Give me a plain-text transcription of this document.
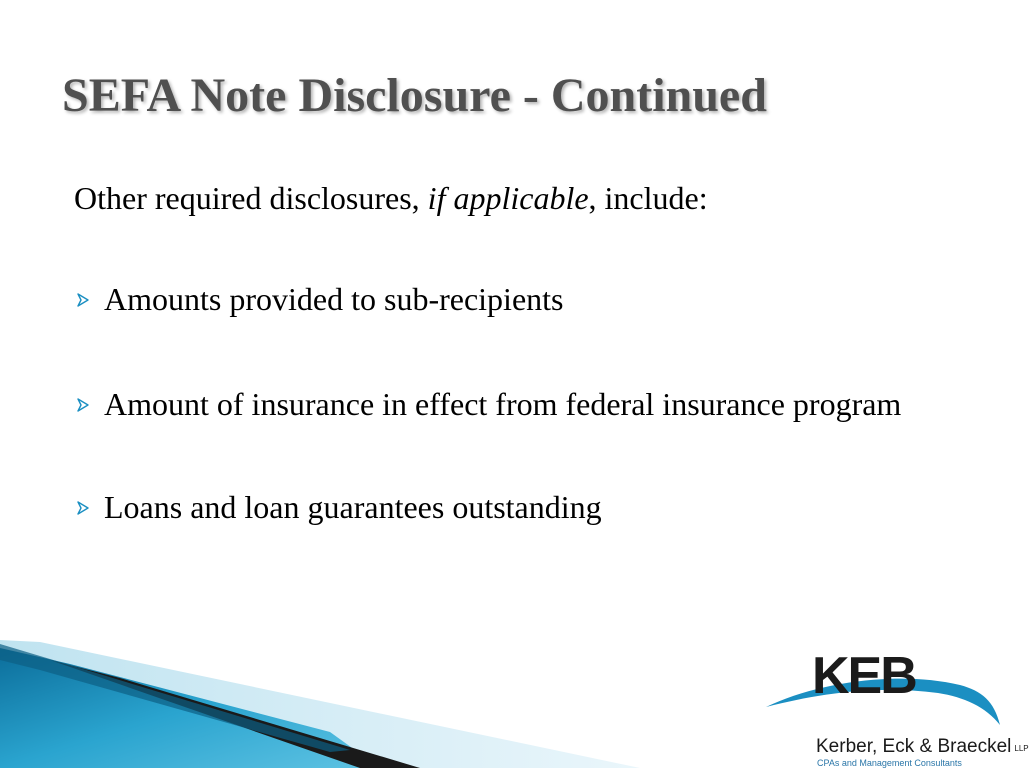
SEFA Note Disclosure - Continued

Other required disclosures, if applicable, include:

Amounts provided to sub-recipients
Amount of insurance in effect from federal insurance program
Loans and loan guarantees outstanding
KEB
Kerber, Eck & Braeckel LLP
CPAs and Management Consultants
